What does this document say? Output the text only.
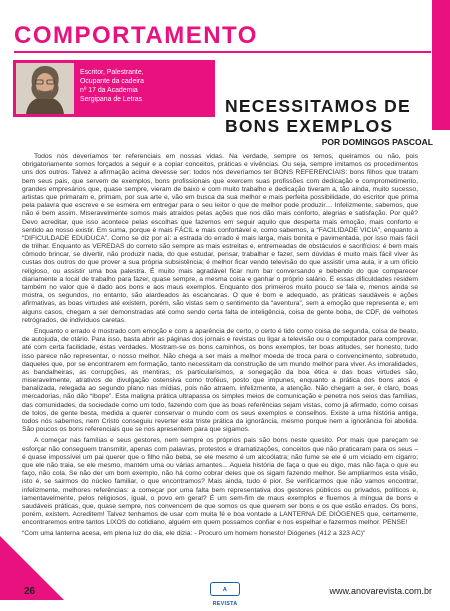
COMPORTAMENTO
Escritor, Palestrante,
Ocupante da cadeira
nº 17 da Academia
Sergipana de Letras	NECESSITAMOS DE
BONS EXEMPLOS
POR DOMINGOS PASCOAL

Todos nós deveríamos ter referenciais em nossas vidas. Na verdade, sempre os temos, queiramos ou não, pois obrigatoriamente somos forçados a seguir e a copiar conceitos, práticas e vivências. Ou seja, sempre imitamos os procedimentos uns dos outros. Talvez a afirmação acima devesse ser: todos nós deveríamos ter BONS REFERENCIAIS: bons filhos que tratam bem seus pais, que servem de exemplos, bons profissionais que exercem suas profissões com dedicação e comprometimento, grandes empresários que, quase sempre, vieram de baixo e com muito trabalho e dedicação tiveram a, tão ainda, muito sucesso, artistas que primaram e, primam, por sua arte e, vão em busca da sua melhor e mais perfeita possibilidade, do escritor que prima pela palavra que escreve e se esmera em entregar para o seu leitor o que de melhor pode produzir… Infelizmente, sabemos, que não é bem assim. Miseravelmente somos mais atraídos pelas ações que nos dão mais conforto, alegrias e satisfação. Por quê? Devo acreditar, que isso acontece pelas escolhas que fazemos em seguir aquilo que desperta mais emoção, mais conforto e sentido ao nosso existir. Em suma, porque é mais FÁCIL e mais confortável e, como sabemos, a “FACILIDADE VICIA”, enquanto a “DIFICULDADE EDUDUCA”. Como se diz por aí: a estrada do errado é mais larga, mais bonita e pavimentada, por isso mais fácil de trilhar. Enquanto as VEREDAS do correto são sempre as mais estreitas e, entremeadas de obstáculos e sacrifícios: é bem mais cômodo brincar, se divertir, não produzir nada, do que estudar, pensar, trabalhar e fazer, sem dúvidas é muito mais fácil viver às custas dos outros do que prover a sua própria subsistência; é melhor ficar vendo televisão do que assistir uma aula, ir a um ofício religioso, ou assistir uma boa palestra. É muito mais agradável ficar num bar conversando e bebendo do que comparecer diariamente a local de trabalho para fazer, quase sempre, a mesma coisa e ganhar o próprio salário. E essas dificuldades residem também no valor que é dado aos bons e aos maus exemplos. Enquanto dos primeiros muito pouco se fala e, menos ainda se mostra, os segundos, no entanto, são alardeados às escancaras. O que é bom e adequado, as práticas saudáveis e ações afirmativas, as boas virtudes até existem, porém, são vistas sem o sentimento da “aventura”, sem a emoção que representa e, em alguns casos, chegam a ser demonstradas até como sendo certa falta de inteligência, coisa de gente boba, de CDF, de velhotes retrógrados, de indivíduos caretas.

Enquanto o errado é mostrado com emoção e com a aparência de certo, o certo é tido como coisa de segunda, coisa de beato, de autojuda, de otário. Para isso, basta abrir as páginas dos jornais e revistas ou ligar a televisão ou o computador para comprovar, até com certa facilidade, estas verdades. Mostram-se os bons caminhos, os bons exemplos, ter boas atitudes, ser honesto, tudo isso parece não representar, o nosso melhor. Não chega a ser mais a melhor moeda de troca para o convencimento, sobretudo, daqueles que, por se encontrarem em formação, tanto necessitam da construção de um mundo melhor para viver. As imoralidades, as bandalheiras, as corrupções, as mentiras, os particularismos, a sonegação da boa ética e das boas virtudes são, miseravelmente, atrativos de divulgação ostensiva como troféus, posto que impunes, enquanto a prática dos bons atos é banalizada, relegada ao segundo plano nas mídias, pois não atraem, infelizmente, a atenção. Não chegam a ser, é claro, boas mercadorias, não dão “Ibope”. Esta maligna prática ultrapassa os simples meios de comunicação e penetra nos seios das famílias, das comunidades, da sociedade como um todo, fazendo com que as boas referências sejam vistas, como já afirmado, como coisas de tolos, de gente besta, medida a querer conservar o mundo com os seus exemplos e conselhos. Existe a uma história antiga, todos nós sabemos, nem Cristo conseguiu reverter esta triste prática da ignorância, mesmo porque nem a ignorância foi abolida. São poucos os bons referenciais que se nos apresentem para que sigamos.

A começar nas famílias e seus gestores, nem sempre os próprios pais são bons neste quesito. Por mais que pareçam se esforçar não conseguem transmitir, apenas com palavras, protestos e dramatizações, conceitos que não praticaram para os seus – é quase impossível um pai querer que o filho não beba, se ele mesmo é um alcoólatra; não fume se ele é um viciado em cigarro; que ele não traia, se ele mesmo, mantém uma ou várias amantes... Aquela história de faça o que eu digo, mas não faça o que eu faço, não cola. Se não der um bom exemplo, não há como cobrar deles que os sigam fazendo melhor. Se ampliarmos esta visão, isto é, se sairmos do núcleo familiar, o que encontramos? Mais ainda, tudo é pior. Se verificarmos que não vamos encontrar, infelizmente, melhores referências: a começar por uma falta bem representativa dos gestores públicos ou privados, políticos e, lamentavelmente, pelos religiosos, igual, o povo em geral? É um sem-fim de maus exemplos e fluemos a míngua de bons e saudáveis práticas, que, quase sempre, nos convencem de que somos os que querem ser bons e os que estão errados. Os bons, porém, existem. Acreditem! Talvez tenhamos de usar com muita fé e boa vontade a LANTERNA DE DIÓGENES que, certamente, encontraremos entre tantos LIXOS do cotidiano, alguém em quem possamos confiar e nos espelhar e fazermos melhor. PENSE!

“Com uma lanterna acesa, em plena luz do dia, ele dizia: - Procuro um homem honesto! Diógenes (412 a 323 AC)”

26	A REVISTA
www.anovarevista.com.br
